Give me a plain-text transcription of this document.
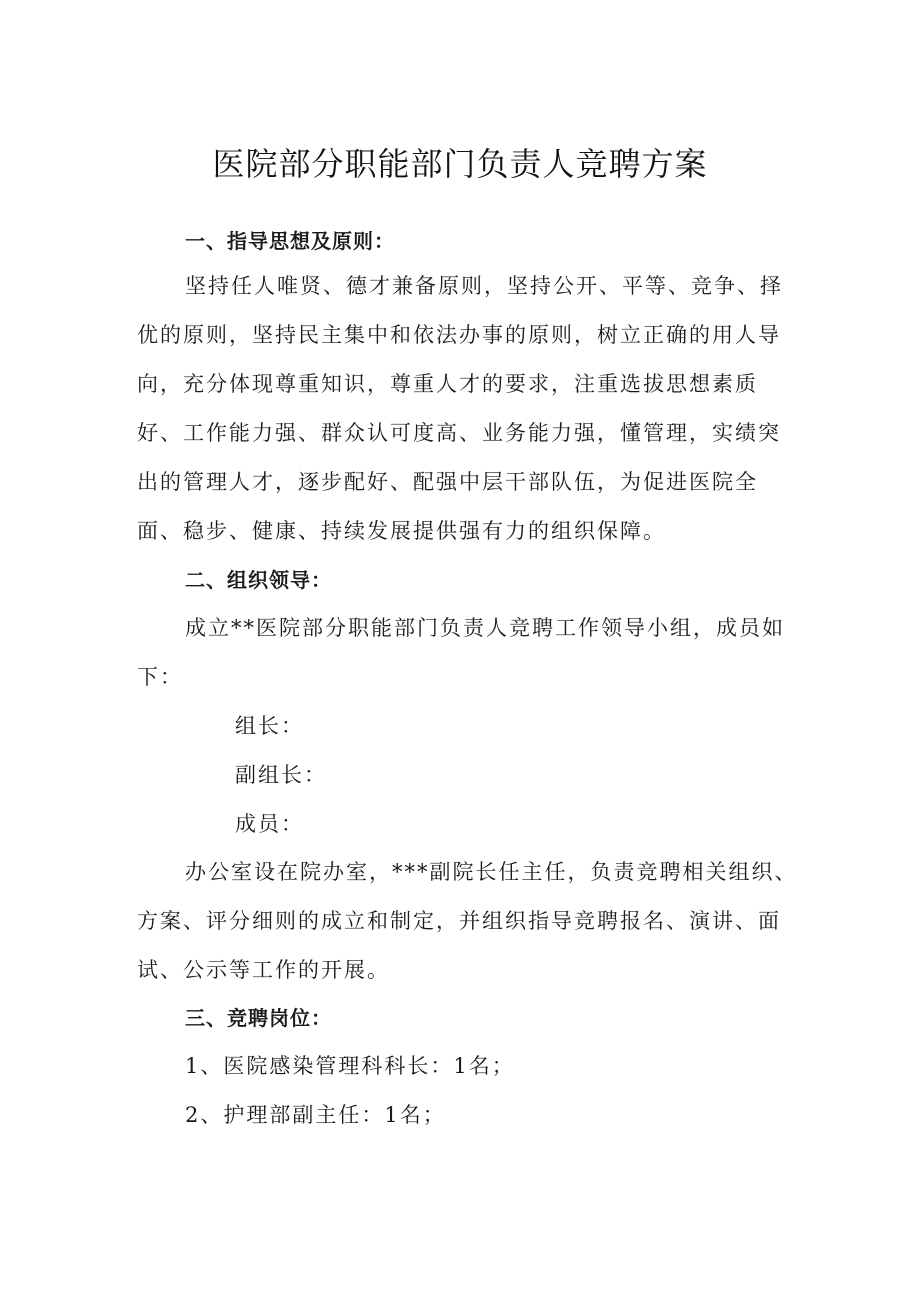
医院部分职能部门负责人竞聘方案
一、指导思想及原则：
坚持任人唯贤、德才兼备原则，坚持公开、平等、竞争、择
优的原则，坚持民主集中和依法办事的原则，树立正确的用人导
向，充分体现尊重知识，尊重人才的要求，注重选拔思想素质
好、工作能力强、群众认可度高、业务能力强，懂管理，实绩突
出的管理人才，逐步配好、配强中层干部队伍，为促进医院全
面、稳步、健康、持续发展提供强有力的组织保障。
二、组织领导：
成立**医院部分职能部门负责人竞聘工作领导小组，成员如
下：
组长：
副组长：
成员：
办公室设在院办室，***副院长任主任，负责竞聘相关组织、
方案、评分细则的成立和制定，并组织指导竞聘报名、演讲、面
试、公示等工作的开展。
三、竞聘岗位：
1、医院感染管理科科长：1名；
2、护理部副主任：1名；
